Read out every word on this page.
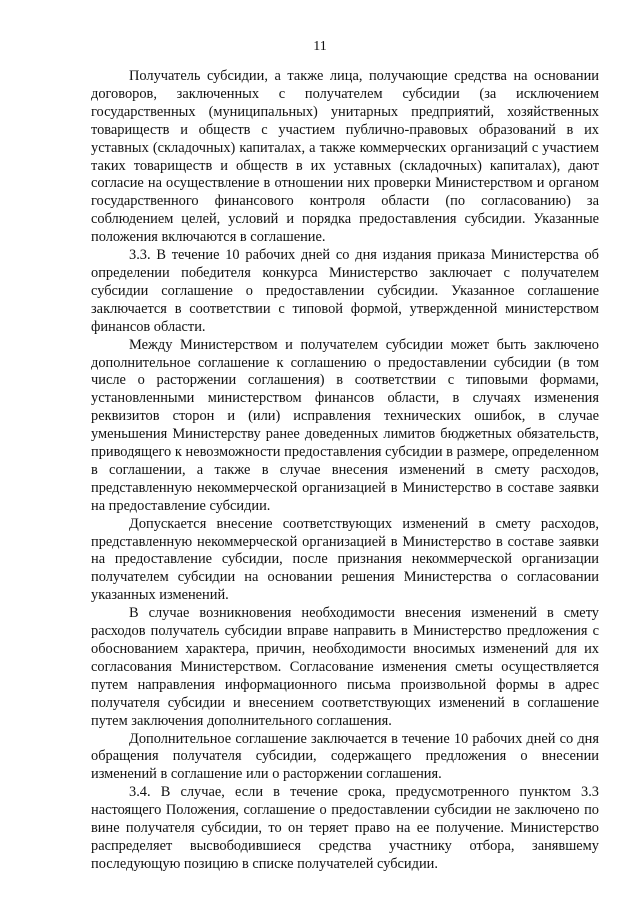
11

Получатель субсидии, а также лица, получающие средства на основании договоров, заключенных с получателем субсидии (за исключением государственных (муниципальных) унитарных предприятий, хозяйственных товариществ и обществ с участием публично-правовых образований в их уставных (складочных) капиталах, а также коммерческих организаций с участием таких товариществ и обществ в их уставных (складочных) капиталах), дают согласие на осуществление в отношении них проверки Министерством и органом государственного финансового контроля области (по согласованию) за соблюдением целей, условий и порядка предоставления субсидии. Указанные положения включаются в соглашение.

3.3. В течение 10 рабочих дней со дня издания приказа Министерства об определении победителя конкурса Министерство заключает с получателем субсидии соглашение о предоставлении субсидии. Указанное соглашение заключается в соответствии с типовой формой, утвержденной министерством финансов области.

Между Министерством и получателем субсидии может быть заключено дополнительное соглашение к соглашению о предоставлении субсидии (в том числе о расторжении соглашения) в соответствии с типовыми формами, установленными министерством финансов области, в случаях изменения реквизитов сторон и (или) исправления технических ошибок, в случае уменьшения Министерству ранее доведенных лимитов бюджетных обязательств, приводящего к невозможности предоставления субсидии в размере, определенном в соглашении, а также в случае внесения изменений в смету расходов, представленную некоммерческой организацией в Министерство в составе заявки на предоставление субсидии.

Допускается внесение соответствующих изменений в смету расходов, представленную некоммерческой организацией в Министерство в составе заявки на предоставление субсидии, после признания некоммерческой организации получателем субсидии на основании решения Министерства о согласовании указанных изменений.

В случае возникновения необходимости внесения изменений в смету расходов получатель субсидии вправе направить в Министерство предложения с обоснованием характера, причин, необходимости вносимых изменений для их согласования Министерством. Согласование изменения сметы осуществляется путем направления информационного письма произвольной формы в адрес получателя субсидии и внесением соответствующих изменений в соглашение путем заключения дополнительного соглашения.

Дополнительное соглашение заключается в течение 10 рабочих дней со дня обращения получателя субсидии, содержащего предложения о внесении изменений в соглашение или о расторжении соглашения.

3.4. В случае, если в течение срока, предусмотренного пунктом 3.3 настоящего Положения, соглашение о предоставлении субсидии не заключено по вине получателя субсидии, то он теряет право на ее получение. Министерство распределяет высвободившиеся средства участнику отбора, занявшему последующую позицию в списке получателей субсидии.
